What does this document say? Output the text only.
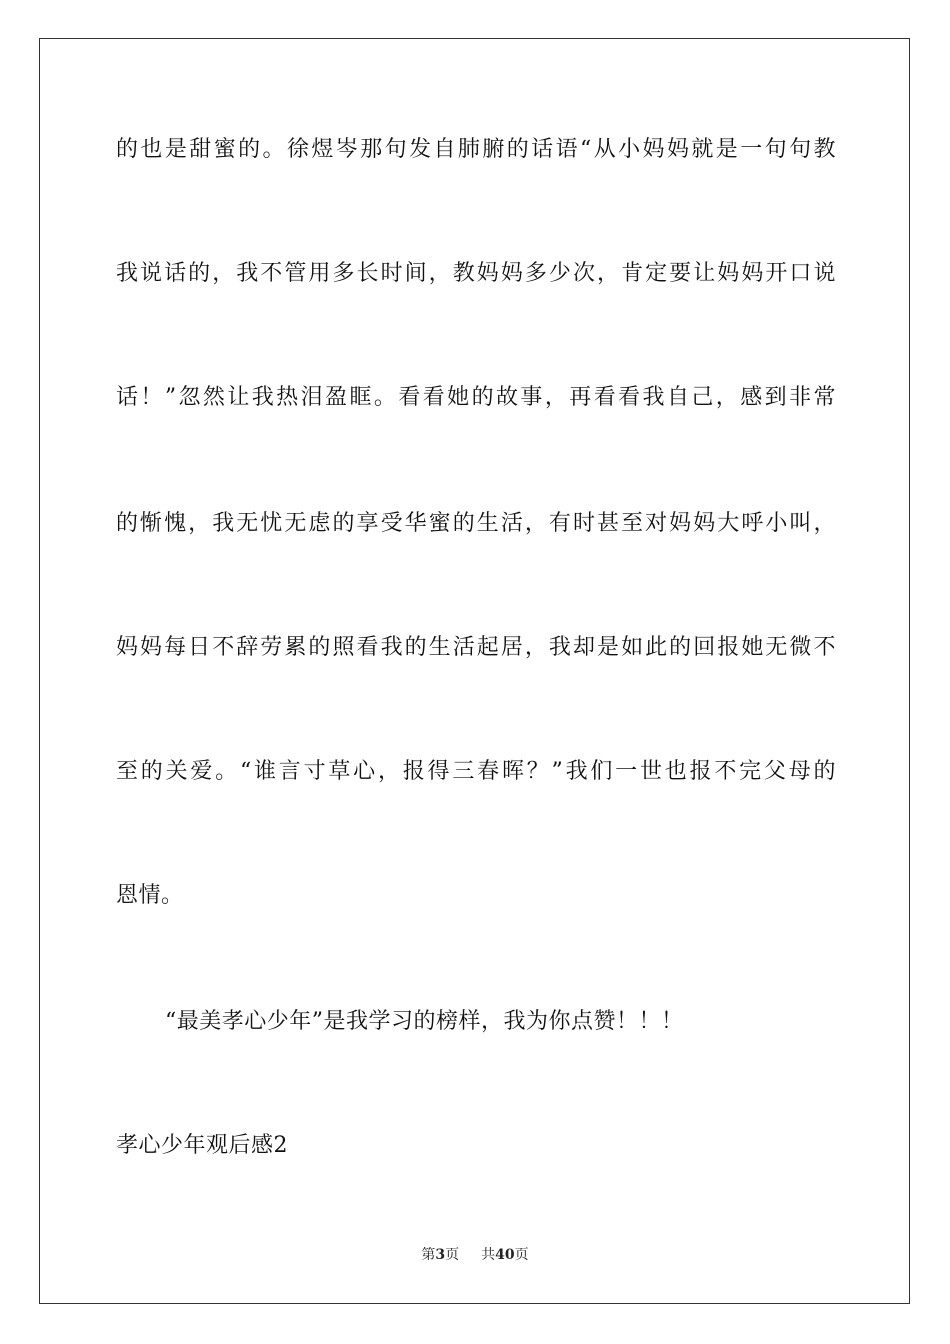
的也是甜蜜的。徐煜岑那句发自肺腑的话语“从小妈妈就是一句句教
我说话的，我不管用多长时间，教妈妈多少次，肯定要让妈妈开口说
话！”忽然让我热泪盈眶。看看她的故事，再看看我自己，感到非常
的惭愧，我无忧无虑的享受华蜜的生活，有时甚至对妈妈大呼小叫，
妈妈每日不辞劳累的照看我的生活起居，我却是如此的回报她无微不
至的关爱。“谁言寸草心，报得三春晖？”我们一世也报不完父母的
恩情。
“最美孝心少年”是我学习的榜样，我为你点赞！！！
孝心少年观后感2
第3页 共40页
